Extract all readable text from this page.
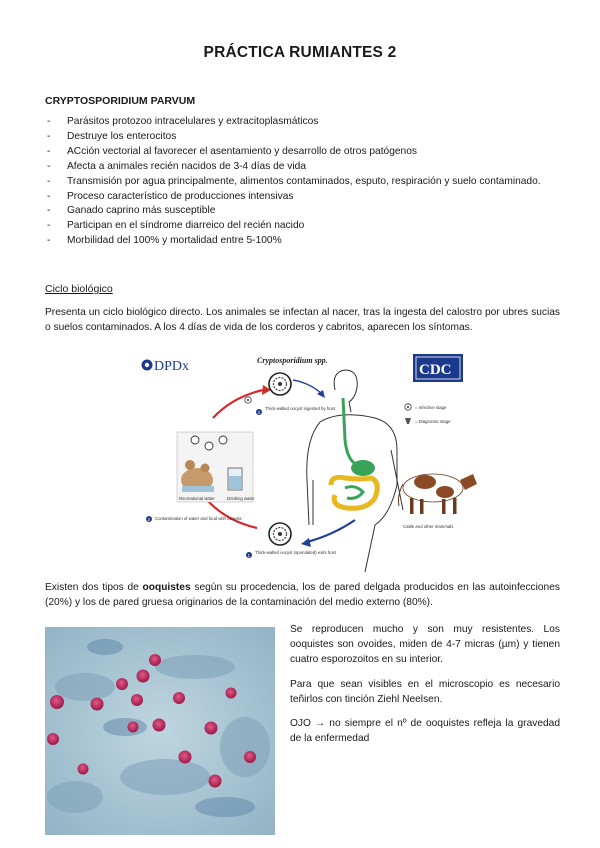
PRÁCTICA RUMIANTES 2
CRYPTOSPORIDIUM PARVUM
- Parásitos protozoo intracelulares y extracitoplasmáticos
- Destruye los enterocitos
- ACción vectorial al favorecer el asentamiento y desarrollo de otros patógenos
- Afecta a animales recién nacidos de 3-4 días de vida
- Transmisión por agua principalmente, alimentos contaminados, esputo, respiración y suelo contaminado.
- Proceso característico de producciones intensivas
- Ganado caprino más susceptible
- Participan en el síndrome diarreico del recién nacido
- Morbilidad del 100% y mortalidad entre 5-100%
Ciclo biológico

Presenta un ciclo biológico directo. Los animales se infectan al nacer, tras la ingesta del calostro por ubres sucias o suelos contaminados. A los 4 días de vida de los corderos y cabritos, aparecen los síntomas.

DPDx	Cryptosporidium spp.
CDC
3
Thick-walled oocyst ingested by host
Recreational water	Drinking water
2 Contamination of water and food with oocysts
1
Thick-walled oocyst (sporulated) exits host
= Infective stage
= Diagnostic stage
Cattle and other mammals

Existen dos tipos de ooquistes según su procedencia, los de pared delgada producidos en las autoinfecciones (20%) y los de pared gruesa originarios de la contaminación del medio externo (80%).

Se reproducen mucho y son muy resistentes. Los ooquistes son ovoides, miden de 4-7 micras (µm) y tienen cuatro esporozoitos en su interior.

Para que sean visibles en el microscopio es necesario teñirlos con tinción Ziehl Neelsen.

OJO → no siempre el nº de ooquistes refleja la gravedad de la enfermedad
